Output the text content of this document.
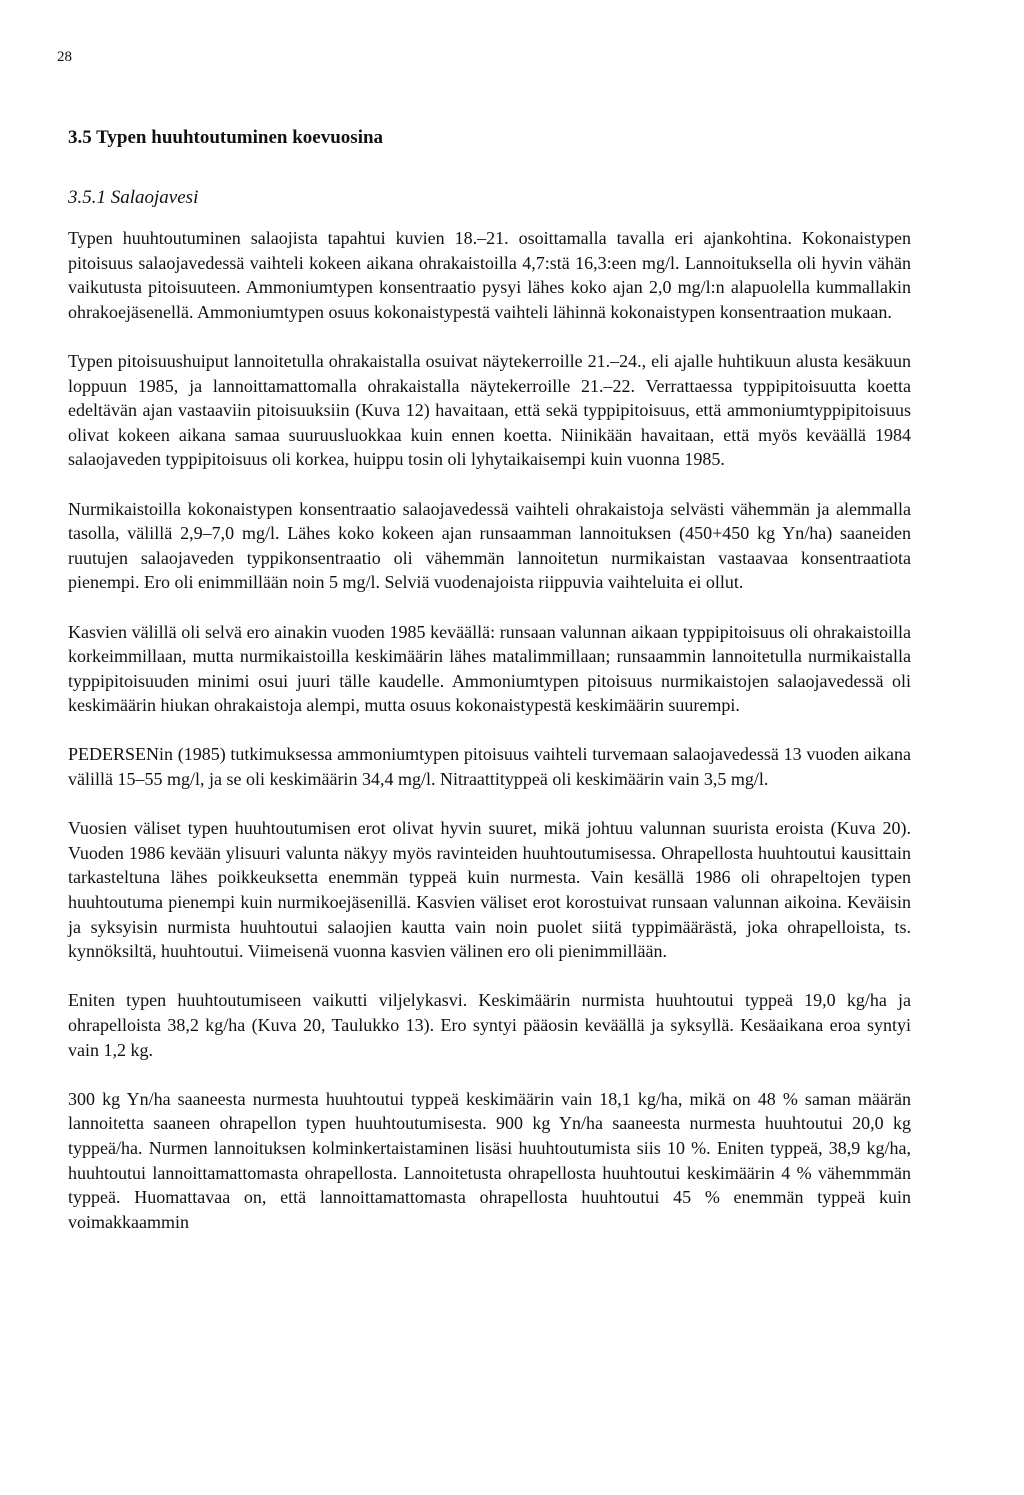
28
3.5 Typen huuhtoutuminen koevuosina
3.5.1 Salaojavesi

Typen huuhtoutuminen salaojista tapahtui kuvien 18.–21. osoittamalla tavalla eri ajankohtina. Kokonaistypen pitoisuus salaojavedessä vaihteli kokeen aikana ohrakaistoilla 4,7:stä 16,3:een mg/l. Lannoituksella oli hyvin vähän vaikutusta pitoisuuteen. Ammoniumtypen konsentraatio pysyi lähes koko ajan 2,0 mg/l:n alapuolella kummallakin ohrakoejäsenellä. Ammoniumtypen osuus kokonaistypestä vaihteli lähinnä kokonaistypen konsentraation mukaan.

Typen pitoisuushuiput lannoitetulla ohrakaistalla osuivat näytekerroille 21.–24., eli ajalle huhtikuun alusta kesäkuun loppuun 1985, ja lannoittamattomalla ohrakaistalla näytekerroille 21.–22. Verrattaessa typpipitoisuutta koetta edeltävän ajan vastaaviin pitoisuuksiin (Kuva 12) havaitaan, että sekä typpipitoisuus, että ammoniumtyppipitoisuus olivat kokeen aikana samaa suuruusluokkaa kuin ennen koetta. Niinikään havaitaan, että myös keväällä 1984 salaojaveden typpipitoisuus oli korkea, huippu tosin oli lyhytaikaisempi kuin vuonna 1985.

Nurmikaistoilla kokonaistypen konsentraatio salaojavedessä vaihteli ohrakaistoja selvästi vähemmän ja alemmalla tasolla, välillä 2,9–7,0 mg/l. Lähes koko kokeen ajan runsaamman lannoituksen (450+450 kg Yn/ha) saaneiden ruutujen salaojaveden typpikonsentraatio oli vähemmän lannoitetun nurmikaistan vastaavaa konsentraatiota pienempi. Ero oli enimmillään noin 5 mg/l. Selviä vuodenajoista riippuvia vaihteluita ei ollut.

Kasvien välillä oli selvä ero ainakin vuoden 1985 keväällä: runsaan valunnan aikaan typpipitoisuus oli ohrakaistoilla korkeimmillaan, mutta nurmikaistoilla keskimäärin lähes matalimmillaan; runsaammin lannoitetulla nurmikaistalla typpipitoisuuden minimi osui juuri tälle kaudelle. Ammoniumtypen pitoisuus nurmikaistojen salaojavedessä oli keskimäärin hiukan ohrakaistoja alempi, mutta osuus kokonaistypestä keskimäärin suurempi.

PEDERSENin (1985) tutkimuksessa ammoniumtypen pitoisuus vaihteli turvemaan salaojavedessä 13 vuoden aikana välillä 15–55 mg/l, ja se oli keskimäärin 34,4 mg/l. Nitraattityppeä oli keskimäärin vain 3,5 mg/l.

Vuosien väliset typen huuhtoutumisen erot olivat hyvin suuret, mikä johtuu valunnan suurista eroista (Kuva 20). Vuoden 1986 kevään ylisuuri valunta näkyy myös ravinteiden huuhtoutumisessa. Ohrapellosta huuhtoutui kausittain tarkasteltuna lähes poikkeuksetta enemmän typpeä kuin nurmesta. Vain kesällä 1986 oli ohrapeltojen typen huuhtoutuma pienempi kuin nurmikoejäsenillä. Kasvien väliset erot korostuivat runsaan valunnan aikoina. Keväisin ja syksyisin nurmista huuhtoutui salaojien kautta vain noin puolet siitä typpimäärästä, joka ohrapelloista, ts. kynnöksiltä, huuhtoutui. Viimeisenä vuonna kasvien välinen ero oli pienimmillään.

Eniten typen huuhtoutumiseen vaikutti viljelykasvi. Keskimäärin nurmista huuhtoutui typpeä 19,0 kg/ha ja ohrapelloista 38,2 kg/ha (Kuva 20, Taulukko 13). Ero syntyi pääosin keväällä ja syksyllä. Kesäaikana eroa syntyi vain 1,2 kg.

300 kg Yn/ha saaneesta nurmesta huuhtoutui typpeä keskimäärin vain 18,1 kg/ha, mikä on 48 % saman määrän lannoitetta saaneen ohrapellon typen huuhtoutumisesta. 900 kg Yn/ha saaneesta nurmesta huuhtoutui 20,0 kg typpeä/ha. Nurmen lannoituksen kolminkertaistaminen lisäsi huuhtoutumista siis 10 %. Eniten typpeä, 38,9 kg/ha, huuhtoutui lannoittamattomasta ohrapellosta. Lannoitetusta ohrapellosta huuhtoutui keskimäärin 4 % vähemmmän typpeä. Huomattavaa on, että lannoittamattomasta ohrapellosta huuhtoutui 45 % enemmän typpeä kuin voimakkaammin
